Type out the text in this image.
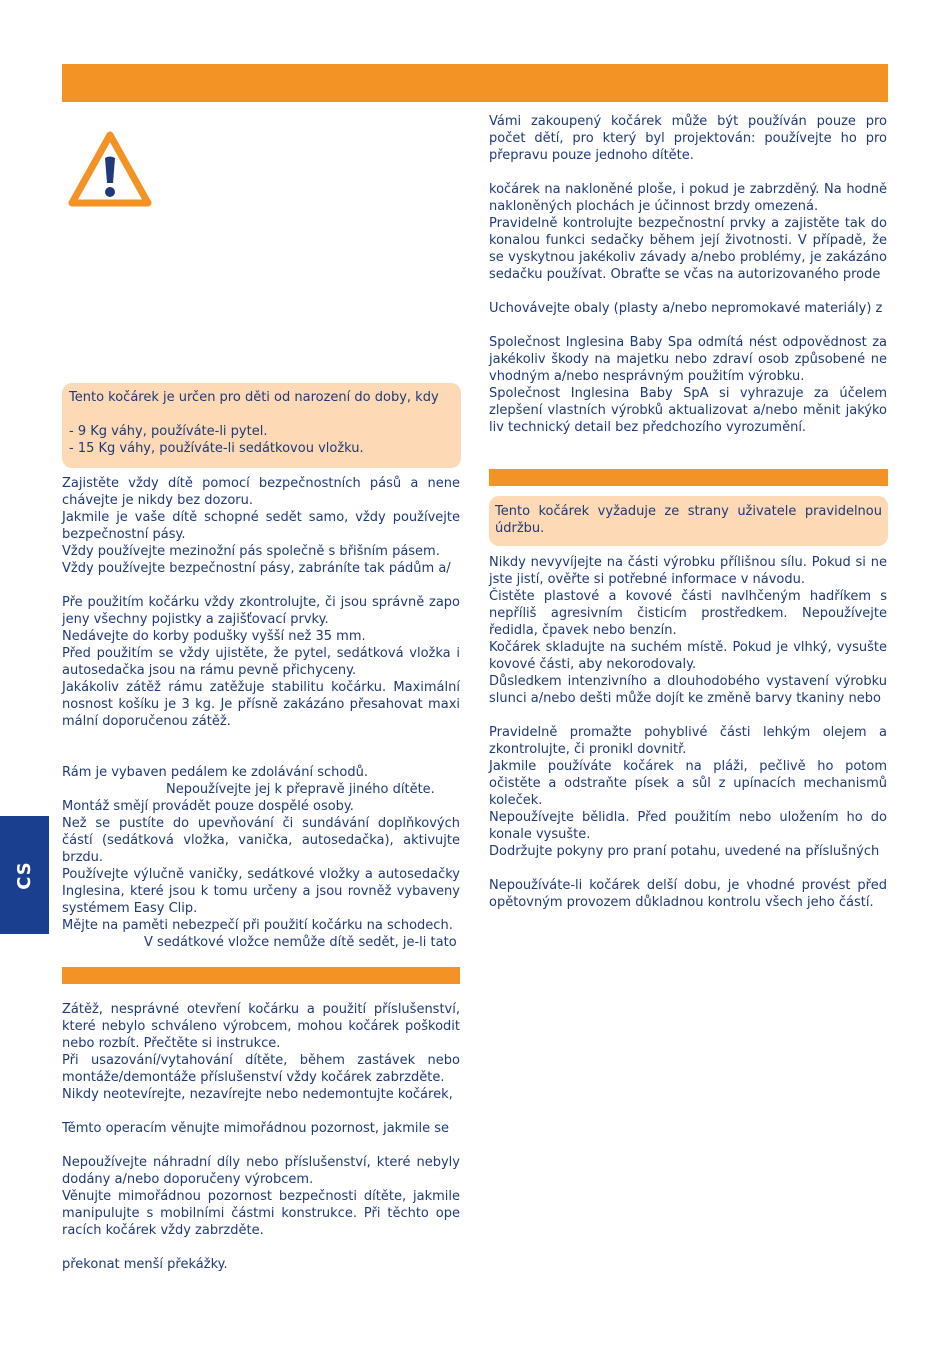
Tento kočárek je určen pro děti od narození do doby, kdy
- 9 Kg váhy, používáte-li pytel.
- 15 Kg váhy, používáte-li sedátkovou vložku.

Zajistěte vždy dítě pomocí bezpečnostních pásů a nene chávejte je nikdy bez dozoru.

Jakmile je vaše dítě schopné sedět samo, vždy používejte bezpečnostní pásy.

Vždy používejte mezinožní pás společně s břišním pásem.

Vždy používejte bezpečnostní pásy, zabráníte tak pádům a/

Pře použitím kočárku vždy zkontrolujte, či jsou správně zapo jeny všechny pojistky a zajišťovací prvky.

Nedávejte do korby podušky vyšší než 35 mm.

Před použitím se vždy ujistěte, že pytel, sedátková vložka i autosedačka jsou na rámu pevně přichyceny.

Jakákoliv zátěž rámu zatěžuje stabilitu kočárku. Maximální nosnost košíku je 3 kg. Je přísně zakázáno přesahovat maxi mální doporučenou zátěž.

Rám je vybaven pedálem ke zdolávání schodů.

Nepoužívejte jej k přepravě jiného dítěte.

Montáž smějí provádět pouze dospělé osoby.

Než se pustíte do upevňování či sundávání doplňkových částí (sedátková vložka, vanička, autosedačka), aktivujte brzdu.

Používejte výlučně vaničky, sedátkové vložky a autosedačky Inglesina, které jsou k tomu určeny a jsou rovněž vybaveny systémem Easy Clip.

Mějte na paměti nebezpečí při použití kočárku na schodech.

V sedátkové vložce nemůže dítě sedět, je-li tato

Zátěž, nesprávné otevření kočárku a použití příslušenství, které nebylo schváleno výrobcem, mohou kočárek poškodit nebo rozbít. Přečtěte si instrukce.

Při usazování/vytahování dítěte, během zastávek nebo montáže/demontáže příslušenství vždy kočárek zabrzděte.

Nikdy neotevírejte, nezavírejte nebo nedemontujte kočárek,

Těmto operacím věnujte mimořádnou pozornost, jakmile se

Nepoužívejte náhradní díly nebo příslušenství, které nebyly dodány a/nebo doporučeny výrobcem.

Věnujte mimořádnou pozornost bezpečnosti dítěte, jakmile manipulujte s mobilními částmi konstrukce. Při těchto ope racích kočárek vždy zabrzděte.

překonat menší překážky.

Vámi zakoupený kočárek může být používán pouze pro počet dětí, pro který byl projektován: používejte ho pro přepravu pouze jednoho dítěte.

kočárek na nakloněné ploše, i pokud je zabrzděný. Na hodně nakloněných plochách je účinnost brzdy omezená.

Pravidelně kontrolujte bezpečnostní prvky a zajistěte tak do konalou funkci sedačky během její životnosti. V případě, že se vyskytnou jakékoliv závady a/nebo problémy, je zakázáno sedačku používat. Obraťte se včas na autorizovaného prode

Uchovávejte obaly (plasty a/nebo nepromokavé materiály) z

Společnost Inglesina Baby Spa odmítá nést odpovědnost za jakékoliv škody na majetku nebo zdraví osob způsobené ne vhodným a/nebo nesprávným použitím výrobku.

Společnost Inglesina Baby SpA si vyhrazuje za účelem zlepšení vlastních výrobků aktualizovat a/nebo měnit jakýko liv technický detail bez předchozího vyrozumění.

Tento kočárek vyžaduje ze strany uživatele pravidelnou údržbu.

Nikdy nevyvíjejte na části výrobku přílišnou sílu. Pokud si ne jste jistí, ověřte si potřebné informace v návodu.

Čistěte plastové a kovové části navlhčeným hadříkem s nepříliš agresivním čisticím prostředkem. Nepoužívejte ředidla, čpavek nebo benzín.

Kočárek skladujte na suchém místě. Pokud je vlhký, vysušte kovové části, aby nekorodovaly.

Důsledkem intenzivního a dlouhodobého vystavení výrobku slunci a/nebo dešti může dojít ke změně barvy tkaniny nebo

Pravidelně promažte pohyblivé části lehkým olejem a zkontrolujte, či pronikl dovnitř.

Jakmile používáte kočárek na pláži, pečlivě ho potom očistěte a odstraňte písek a sůl z upínacích mechanismů koleček.

Nepoužívejte bělidla. Před použitím nebo uložením ho do konale vysušte.

Dodržujte pokyny pro praní potahu, uvedené na příslušných

Nepoužíváte-li kočárek delší dobu, je vhodné provést před opětovným provozem důkladnou kontrolu všech jeho částí.

CS
